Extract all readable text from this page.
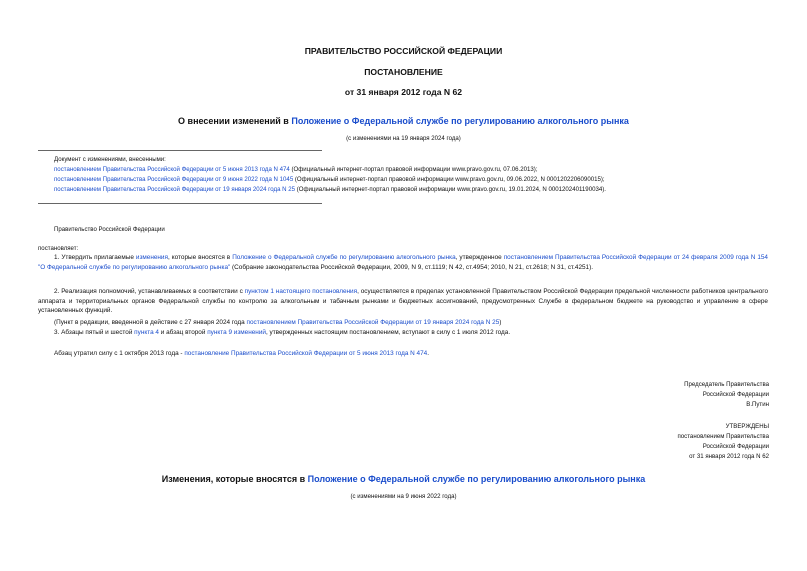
ПРАВИТЕЛЬСТВО РОССИЙСКОЙ ФЕДЕРАЦИИ
ПОСТАНОВЛЕНИЕ
от 31 января 2012 года N 62
О внесении изменений в Положение о Федеральной службе по регулированию алкогольного рынка
(с изменениями на 19 января 2024 года)
Документ с изменениями, внесенными:
постановлением Правительства Российской Федерации от 5 июня 2013 года N 474 (Официальный интернет-портал правовой информации www.pravo.gov.ru, 07.06.2013);
постановлением Правительства Российской Федерации от 9 июня 2022 года N 1045 (Официальный интернет-портал правовой информации www.pravo.gov.ru, 09.06.2022, N 0001202206090015);
постановлением Правительства Российской Федерации от 19 января 2024 года N 25 (Официальный интернет-портал правовой информации www.pravo.gov.ru, 19.01.2024, N 0001202401190034).
Правительство Российской Федерации
постановляет:
1. Утвердить прилагаемые изменения, которые вносятся в Положение о Федеральной службе по регулированию алкогольного рынка, утвержденное постановлением Правительства Российской Федерации от 24 февраля 2009 года N 154 "О Федеральной службе по регулированию алкогольного рынка" (Собрание законодательства Российской Федерации, 2009, N 9, ст.1119; N 42, ст.4954; 2010, N 21, ст.2618; N 31, ст.4251).
2. Реализация полномочий, устанавливаемых в соответствии с пунктом 1 настоящего постановления, осуществляется в пределах установленной Правительством Российской Федерации предельной численности работников центрального аппарата и территориальных органов Федеральной службы по контролю за алкогольным и табачным рынками и бюджетных ассигнований, предусмотренных Службе в федеральном бюджете на руководство и управление в сфере установленных функций.
(Пункт в редакции, введенной в действие с 27 января 2024 года постановлением Правительства Российской Федерации от 19 января 2024 года N 25)
3. Абзацы пятый и шестой пункта 4 и абзац второй пункта 9 изменений, утвержденных настоящим постановлением, вступают в силу с 1 июля 2012 года.
Абзац утратил силу с 1 октября 2013 года - постановление Правительства Российской Федерации от 5 июня 2013 года N 474.
Председатель Правительства
Российской Федерации
В.Путин
УТВЕРЖДЕНЫ
постановлением Правительства
Российской Федерации
от 31 января 2012 года N 62
Изменения, которые вносятся в Положение о Федеральной службе по регулированию алкогольного рынка
(с изменениями на 9 июня 2022 года)
